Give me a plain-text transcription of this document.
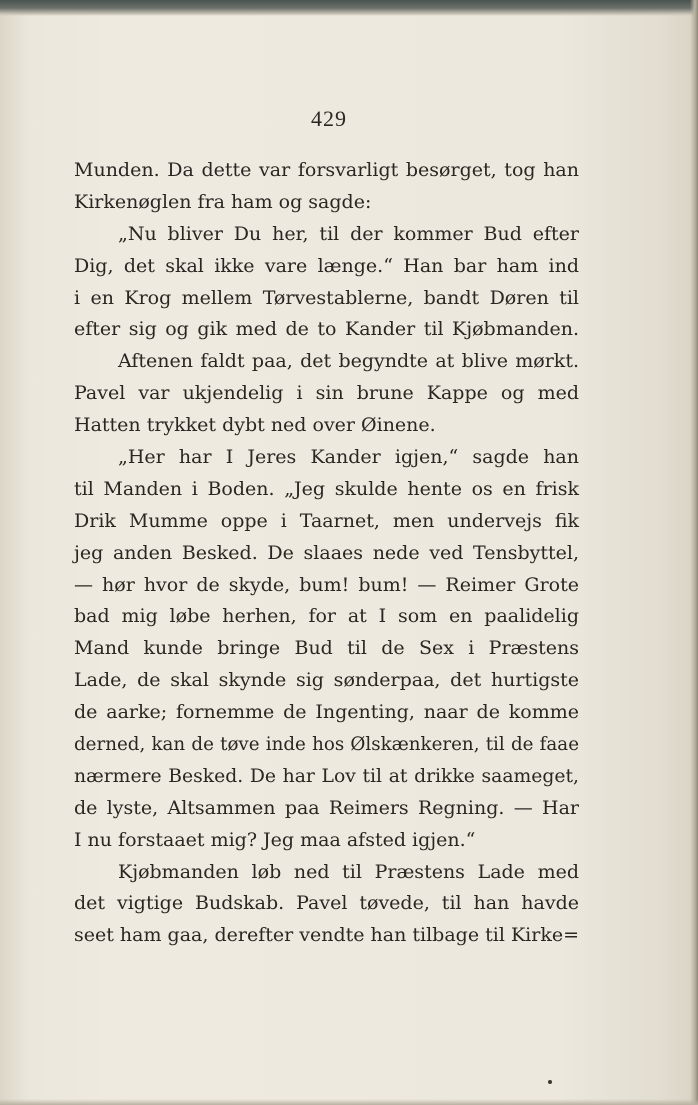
429
Munden. Da dette var forsvarligt besørget, tog han
Kirkenøglen fra ham og sagde:
„Nu bliver Du her, til der kommer Bud efter
Dig, det skal ikke vare længe.“ Han bar ham ind
i en Krog mellem Tørvestablerne, bandt Døren til
efter sig og gik med de to Kander til Kjøbmanden.
Aftenen faldt paa, det begyndte at blive mørkt.
Pavel var ukjendelig i sin brune Kappe og med
Hatten trykket dybt ned over Øinene.
„Her har I Jeres Kander igjen,“ sagde han
til Manden i Boden. „Jeg skulde hente os en frisk
Drik Mumme oppe i Taarnet, men undervejs fik
jeg anden Besked. De slaaes nede ved Tensbyttel,
— hør hvor de skyde, bum! bum! — Reimer Grote
bad mig løbe herhen, for at I som en paalidelig
Mand kunde bringe Bud til de Sex i Præstens
Lade, de skal skynde sig sønderpaa, det hurtigste
de aarke; fornemme de Ingenting, naar de komme
derned, kan de tøve inde hos Ølskænkeren, til de faae
nærmere Besked. De har Lov til at drikke saameget,
de lyste, Altsammen paa Reimers Regning. — Har
I nu forstaaet mig? Jeg maa afsted igjen.“
Kjøbmanden løb ned til Præstens Lade med
det vigtige Budskab. Pavel tøvede, til han havde
seet ham gaa, derefter vendte han tilbage til Kirke=
